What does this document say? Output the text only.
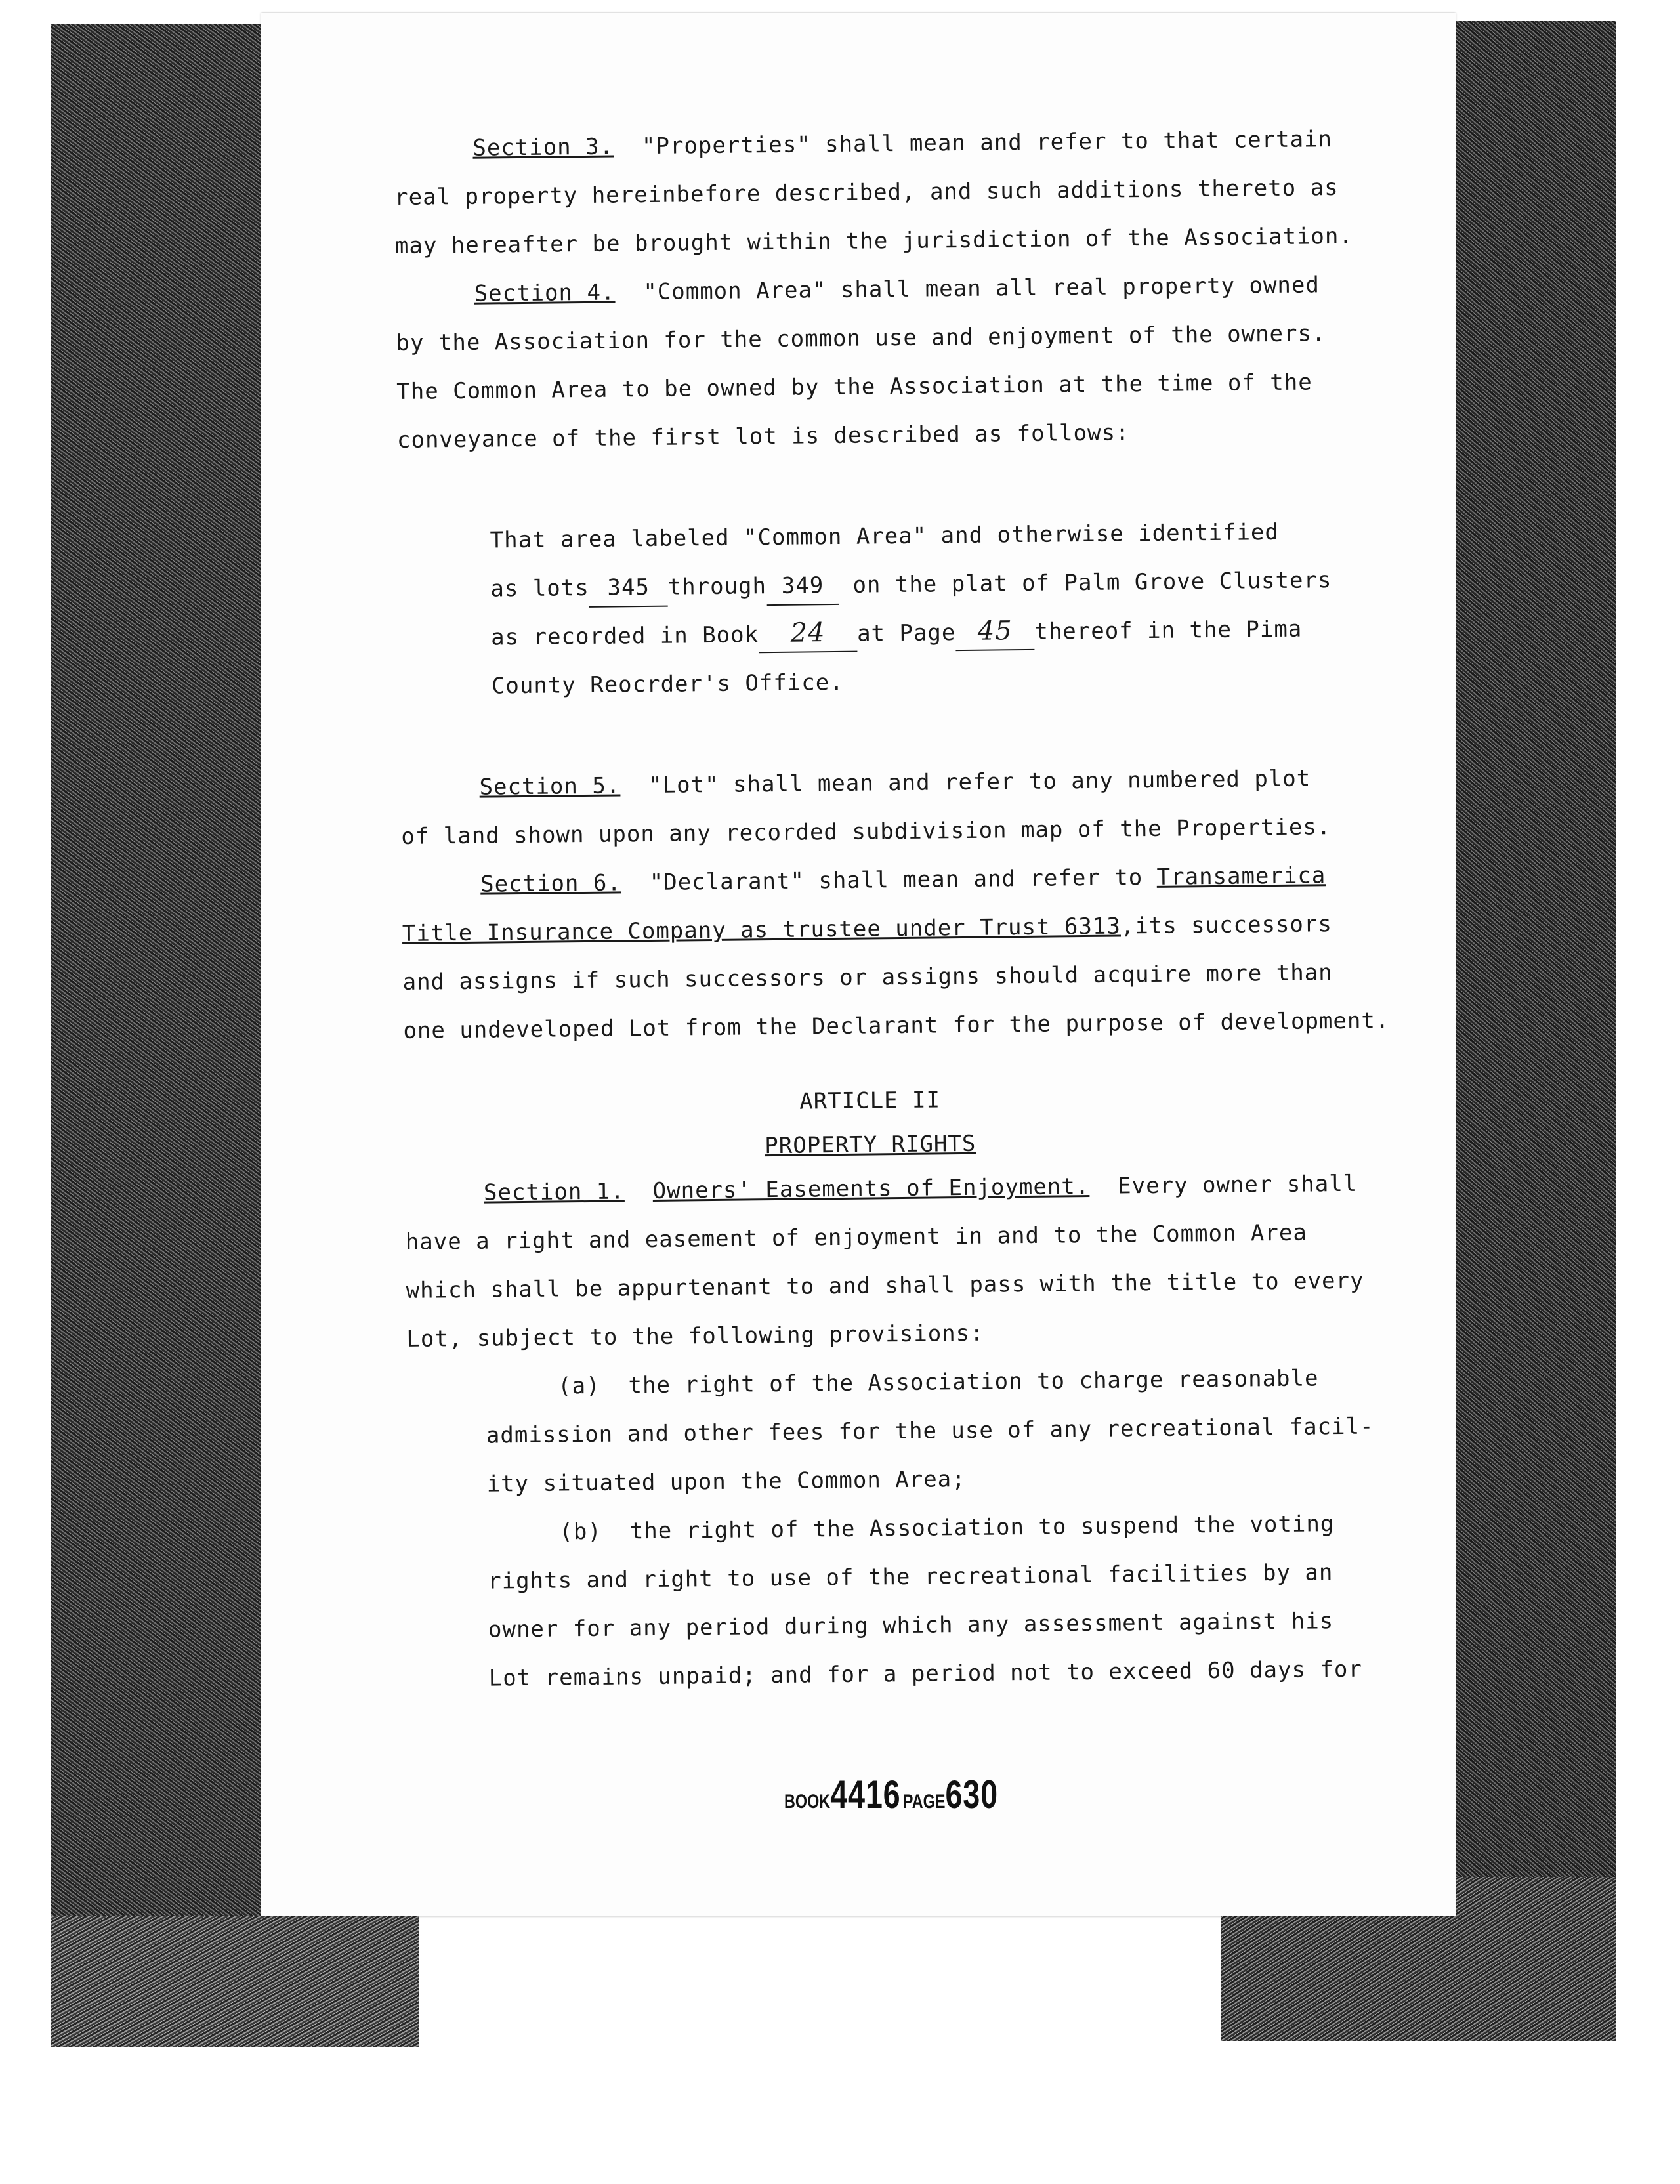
Section 3. "Properties" shall mean and refer to that certain
real property hereinbefore described, and such additions thereto as
may hereafter be brought within the jurisdiction of the Association.
Section 4. "Common Area" shall mean all real property owned
by the Association for the common use and enjoyment of the owners.
The Common Area to be owned by the Association at the time of the
conveyance of the first lot is described as follows:
That area labeled "Common Area" and otherwise identified
as lots 345 through 349 on the plat of Palm Grove Clusters
as recorded in Book 24 at Page 45 thereof in the Pima
County Reocrder's Office.
Section 5. "Lot" shall mean and refer to any numbered plot
of land shown upon any recorded subdivision map of the Properties.
Section 6. "Declarant" shall mean and refer to Transamerica
Title Insurance Company as trustee under Trust 6313,its successors
and assigns if such successors or assigns should acquire more than
one undeveloped Lot from the Declarant for the purpose of development.
ARTICLE II
PROPERTY RIGHTS
Section 1. Owners' Easements of Enjoyment. Every owner shall
have a right and easement of enjoyment in and to the Common Area
which shall be appurtenant to and shall pass with the title to every
Lot, subject to the following provisions:
(a) the right of the Association to charge reasonable
admission and other fees for the use of any recreational facil-
ity situated upon the Common Area;
(b) the right of the Association to suspend the voting
rights and right to use of the recreational facilities by an
owner for any period during which any assessment against his
Lot remains unpaid; and for a period not to exceed 60 days for
BOOK4416 PAGE630
